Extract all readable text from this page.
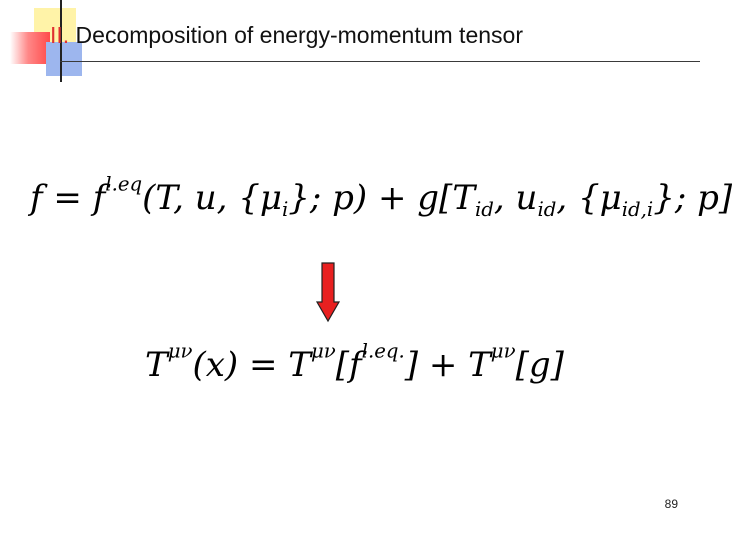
II. Decomposition of energy-momentum tensor
$f = f^{l.eq}(T$, u, $\{\mu_i\}$; $p) + g[T_{id}$, $u_{id}$, $\{\mu_{id,i}\}$; p]
$T^{\mu\nu}(x) = T^{\mu\nu}[f^{l.eq.}] + T^{\mu\nu}[g]$
89
